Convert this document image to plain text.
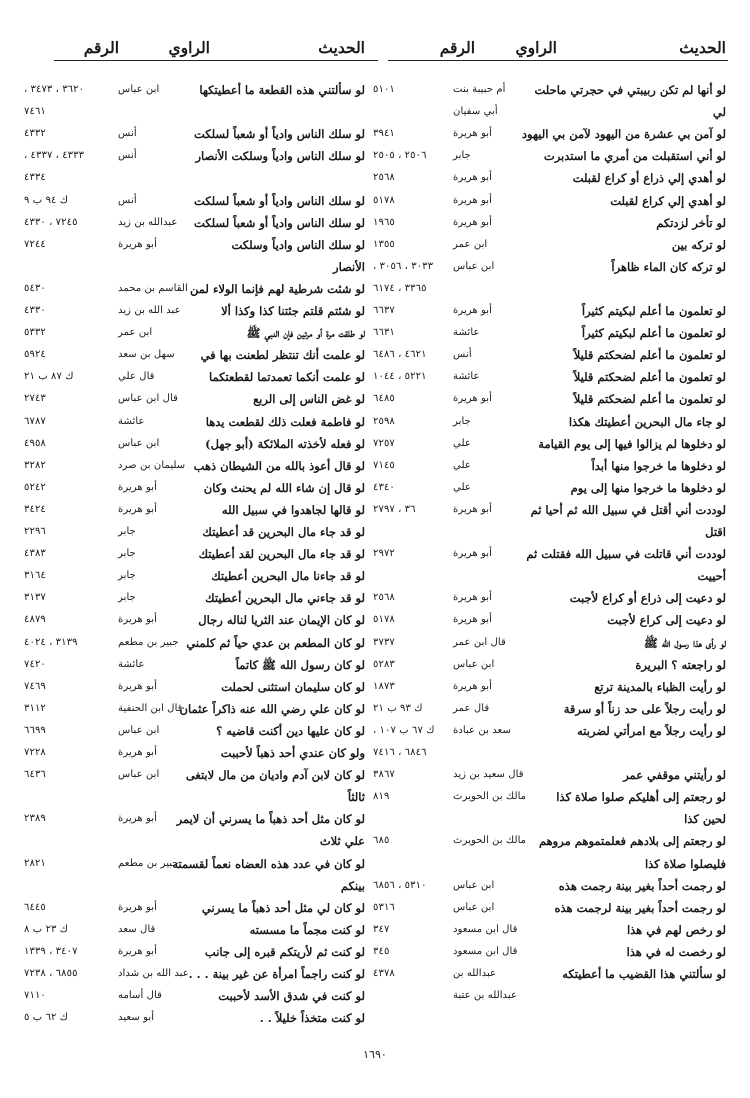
الحديث
الراوي
الرقم
الحديث
الراوي
الرقم
لو أنها لم تكن ربيبتي في حجرتي ماحلت
أم حبيبة بنت
٥١٠١
لي
أبي سفيان
لو آمن بي عشرة من اليهود لآمن بي اليهود
أبو هريرة
٣٩٤١
لو أني استقبلت من أمري ما استدبرت
جابر
٢٥٠٦ ، ٢٥٠٥
لو أهدي إلي ذراع أو كراع لقبلت
أبو هريرة
٢٥٦٨
لو أهدي إلي كراع لقبلت
أبو هريرة
٥١٧٨
لو تأخر لزدتكم
أبو هريرة
١٩٦٥
لو تركه بين
ابن عمر
١٣٥٥
لو تركه كان الماء ظاهراً
ابن عباس
٣٠٣٣ ، ٣٠٥٦ ،
٣٣٦٥ ، ٦١٧٤
لو تعلمون ما أعلم لبكيتم كثيراً
أبو هريرة
٦٦٣٧
لو تعلمون ما أعلم لبكيتم كثيراً
عائشة
٦٦٣١
لو تعلمون ما أعلم لضحكتم قليلاً
أنس
٤٦٢١ ، ٦٤٨٦
لو تعلمون ما أعلم لضحكتم قليلاً
عائشة
٥٢٢١ ، ١٠٤٤
لو تعلمون ما أعلم لضحكتم قليلاً
أبو هريرة
٦٤٨٥
لو جاء مال البحرين أعطيتك هكذا
جابر
٢٥٩٨
لو دخلوها لم يزالوا فيها إلى يوم القيامة
علي
٧٢٥٧
لو دخلوها ما خرجوا منها أبداً
علي
٧١٤٥
لو دخلوها ما خرجوا منها إلى يوم
علي
٤٣٤٠
لوددت أني أقتل في سبيل الله ثم أحيا ثم
أبو هريرة
٣٦ ، ٢٧٩٧
اقتل
لوددت أني قاتلت في سبيل الله فقتلت ثم
أبو هريرة
٢٩٧٢
أحييت
لو دعيت إلى ذراع أو كراع لأجبت
أبو هريرة
٢٥٦٨
لو دعيت إلى كراع لأجبت
أبو هريرة
٥١٧٨
لو رأى هذا رسول الله ﷺ
قال ابن عمر
٣٧٣٧
لو راجعته ؟ البريرة
ابن عباس
٥٢٨٣
لو رأيت الظباء بالمدينة ترتع
أبو هريرة
١٨٧٣
لو رأيت رجلاً على حد زناً أو سرقة
قال عمر
ك ٩٣ ب ٢١
لو رأيت رجلاً مع امرأتي لضربته
سعد بن عبادة
ك ٦٧ ب ١٠٧ ،
٦٨٤٦ ، ٧٤١٦
لو رأيتني موقفي عمر
قال سعيد بن زيد
٣٨٦٧
لو رجعتم إلى أهليكم صلوا صلاة كذا
مالك بن الحويرث
٨١٩
لحين كذا
لو رجعتم إلى بلادهم فعلمتموهم مروهم
مالك بن الحويرث
٦٨٥
فليصلوا صلاة كذا
لو رجمت أحداً بغير بينة رجمت هذه
ابن عباس
٥٣١٠ ، ٦٨٥٦
لو رجمت أحداً بغير بينة لرجمت هذه
ابن عباس
٥٣١٦
لو رخص لهم في هذا
قال ابن مسعود
٣٤٧
لو رخصت له في هذا
قال ابن مسعود
٣٤٥
لو سألتني هذا القضيب ما أعطيتكه
عبدالله بن
٤٣٧٨
عبدالله بن عتبة
لو سألتني هذه القطعة ما أعطيتكها
ابن عباس
٣٦٢٠ ، ٣٤٧٣ ،
٧٤٦١
لو سلك الناس وادياً أو شعباً لسلكت
أنس
٤٣٣٢
لو سلك الناس وادياً وسلكت الأنصار
أنس
٤٣٣٣ ، ٤٣٣٧ ،
٤٣٣٤
لو سلك الناس وادياً أو شعباً لسلكت
أنس
ك ٩٤ ب ٩
لو سلك الناس وادياً أو شعباً لسلكت
عبدالله بن زيد
٧٢٤٥ ، ٤٣٣٠
لو سلك الناس وادياً وسلكت
أبو هريرة
٧٢٤٤
الأنصار
لو شئت شرطية لهم فإنما الولاء لمن
القاسم بن محمد
٥٤٣٠
لو شئتم قلتم جئتنا كذا وكذا ألا
عبد الله بن زيد
٤٣٣٠
لو طلقت مرة أو مرتين فإن النبي ﷺ
ابن عمر
٥٣٣٢
لو علمت أنك تنتظر لطعنت بها في
سهل بن سعد
٥٩٢٤
لو علمت أنكما تعمدتما لقطعتكما
قال علي
ك ٨٧ ب ٢١
لو غض الناس إلى الربع
قال ابن عباس
٢٧٤٣
لو فاطمة فعلت ذلك لقطعت يدها
عائشة
٦٧٨٧
لو فعله لأخذته الملائكة (أبو جهل)
ابن عباس
٤٩٥٨
لو قال أعوذ بالله من الشيطان ذهب
سليمان بن صرد
٣٢٨٢
لو قال إن شاء الله لم يحنث وكان
أبو هريرة
٥٢٤٢
لو قالها لجاهدوا في سبيل الله
أبو هريرة
٣٤٢٤
لو قد جاء مال البحرين قد أعطيتك
جابر
٢٢٩٦
لو قد جاء مال البحرين لقد أعطيتك
جابر
٤٣٨٣
لو قد جاءنا مال البحرين أعطيتك
جابر
٣١٦٤
لو قد جاءني مال البحرين أعطيتك
جابر
٣١٣٧
لو كان الإيمان عند الثريا لناله رجال
أبو هريرة
٤٨٧٩
لو كان المطعم بن عدي حياً ثم كلمني
جبير بن مطعم
٣١٣٩ ، ٤٠٢٤
لو كان رسول الله ﷺ كاتماً
عائشة
٧٤٢٠
لو كان سليمان استثنى لحملت
أبو هريرة
٧٤٦٩
لو كان علي رضي الله عنه ذاكراً عثمان
قال ابن الحنفية
٣١١٢
لو كان عليها دين أكنت قاضيه ؟
ابن عباس
٦٦٩٩
ولو كان عندي أحد ذهباً لأحببت
أبو هريرة
٧٢٢٨
لو كان لابن آدم واديان من مال لابتغى
ابن عباس
٦٤٣٦
ثالثاً
لو كان مثل أحد ذهباً ما يسرني أن لايمر
أبو هريرة
٢٣٨٩
علي ثلاث
لو كان في عدد هذه العضاه نعماً لقسمته
جبير بن مطعم
٢٨٢١
بينكم
لو كان لي مثل أحد ذهباً ما يسرني
أبو هريرة
٦٤٤٥
لو كنت مجماً ما مسسته
قال سعد
ك ٢٣ ب ٨
لو كنت ثم لأريتكم قبره إلى جانب
أبو هريرة
٣٤٠٧ ، ١٣٣٩
لو كنت راجماً امرأة عن غير بينة . . .
عبد الله بن شداد
٦٨٥٥ ، ٧٢٣٨
لو كنت في شدق الأسد لأحببت
قال أسامه
٧١١٠
لو كنت متخذاً خليلاً . .
أبو سعيد
ك ٦٢ ب ٥
١٦٩٠
